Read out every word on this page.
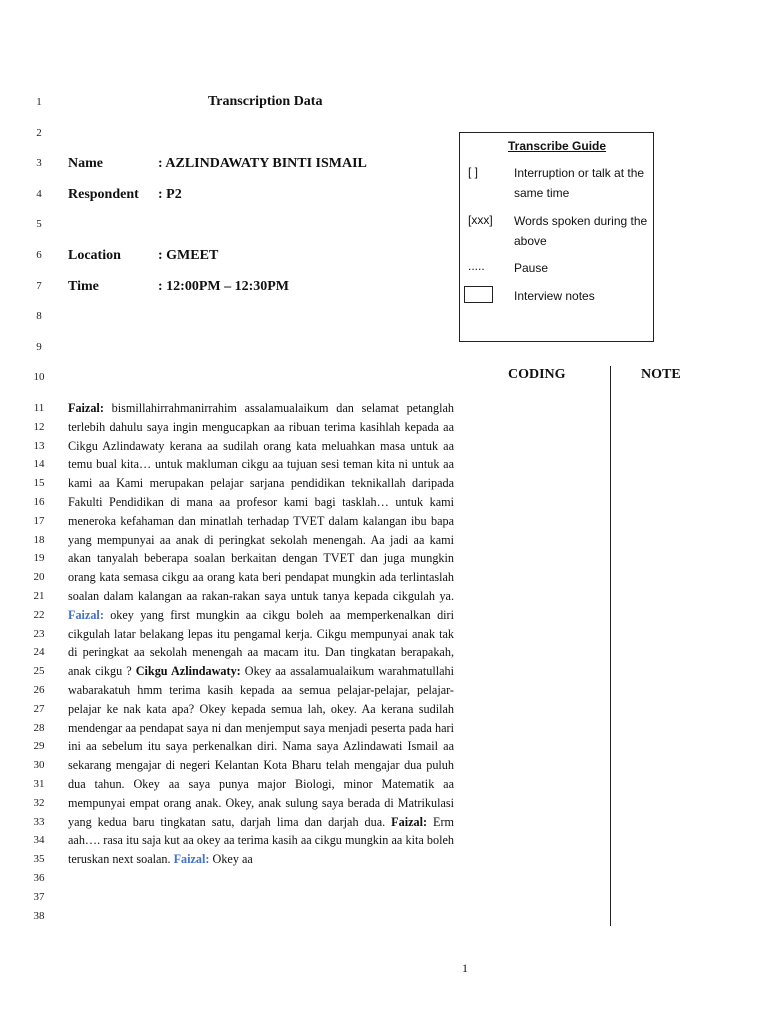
1
2
3
4
5
6
7
8
9
10
11
12
13
14
15
16
17
18
19
20
21
22
23
24
25
26
27
28
29
30
31
32
33
34
35
36
37
38
Transcription Data
Name	: AZLINDAWATY BINTI ISMAIL
Respondent : P2
Location	: GMEET
Time	: 12:00PM – 12:30PM
Transcribe Guide
[ ]	Interruption or talk at the same time
[xxx] Words spoken during the above
..... Pause
Interview notes
CODING	NOTE
Faizal: bismillahirrahmanirrahim assalamualaikum dan selamat petanglah terlebih dahulu saya ingin mengucapkan aa ribuan terima kasihlah kepada aa Cikgu Azlindawaty kerana aa sudilah orang kata meluahkan masa untuk aa temu bual kita… untuk makluman cikgu aa tujuan sesi teman kita ni untuk aa kami aa Kami merupakan pelajar sarjana pendidikan teknikallah daripada Fakulti Pendidikan di mana aa profesor kami bagi tasklah… untuk kami meneroka kefahaman dan minatlah terhadap TVET dalam kalangan ibu bapa yang mempunyai aa anak di peringkat sekolah menengah. Aa jadi aa kami akan tanyalah beberapa soalan berkaitan dengan TVET dan juga mungkin orang kata semasa cikgu aa orang kata beri pendapat mungkin ada terlintaslah soalan dalam kalangan aa rakan-rakan saya untuk tanya kepada cikgulah ya. Faizal: okey yang first mungkin aa cikgu boleh aa memperkenalkan diri cikgulah latar belakang lepas itu pengamal kerja. Cikgu mempunyai anak tak di peringkat aa sekolah menengah aa macam itu. Dan tingkatan berapakah, anak cikgu ? Cikgu Azlindawaty: Okey aa assalamualaikum warahmatullahi wabarakatuh hmm terima kasih kepada aa semua pelajar-pelajar, pelajar-pelajar ke nak kata apa? Okey kepada semua lah, okey. Aa kerana sudilah mendengar aa pendapat saya ni dan menjemput saya menjadi peserta pada hari ini aa sebelum itu saya perkenalkan diri. Nama saya Azlindawati Ismail aa sekarang mengajar di negeri Kelantan Kota Bharu telah mengajar dua puluh dua tahun. Okey aa saya punya major Biologi, minor Matematik aa mempunyai empat orang anak. Okey, anak sulung saya berada di Matrikulasi yang kedua baru tingkatan satu, darjah lima dan darjah dua. Faizal: Erm aah…. rasa itu saja kut aa okey aa terima kasih aa cikgu mungkin aa kita boleh teruskan next soalan. Faizal: Okey aa
1
